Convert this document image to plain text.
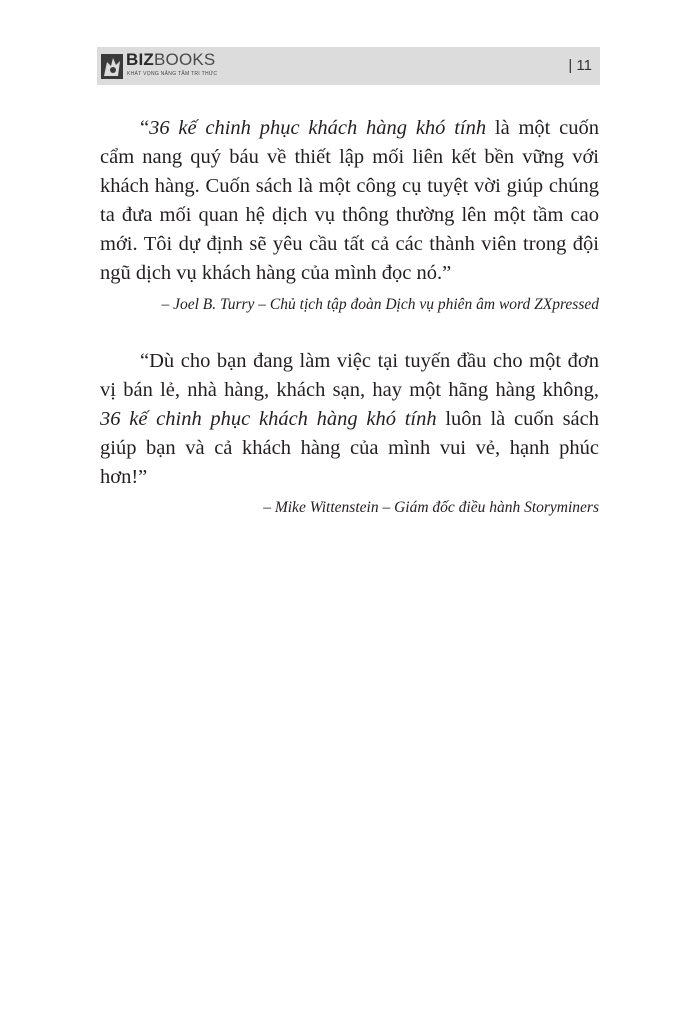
BIZBOOKS
KHÁT VỌNG NÂNG TẦM TRI THỨC	| 11

“36 kế chinh phục khách hàng khó tính là một cuốn cẩm nang quý báu về thiết lập mối liên kết bền vững với khách hàng. Cuốn sách là một công cụ tuyệt vời giúp chúng ta đưa mối quan hệ dịch vụ thông thường lên một tầm cao mới. Tôi dự định sẽ yêu cầu tất cả các thành viên trong đội ngũ dịch vụ khách hàng của mình đọc nó.”

– Joel B. Turry – Chủ tịch tập đoàn Dịch vụ phiên âm word ZXpressed

“Dù cho bạn đang làm việc tại tuyến đầu cho một đơn vị bán lẻ, nhà hàng, khách sạn, hay một hãng hàng không, 36 kế chinh phục khách hàng khó tính luôn là cuốn sách giúp bạn và cả khách hàng của mình vui vẻ, hạnh phúc hơn!”

– Mike Wittenstein – Giám đốc điều hành Storyminers
